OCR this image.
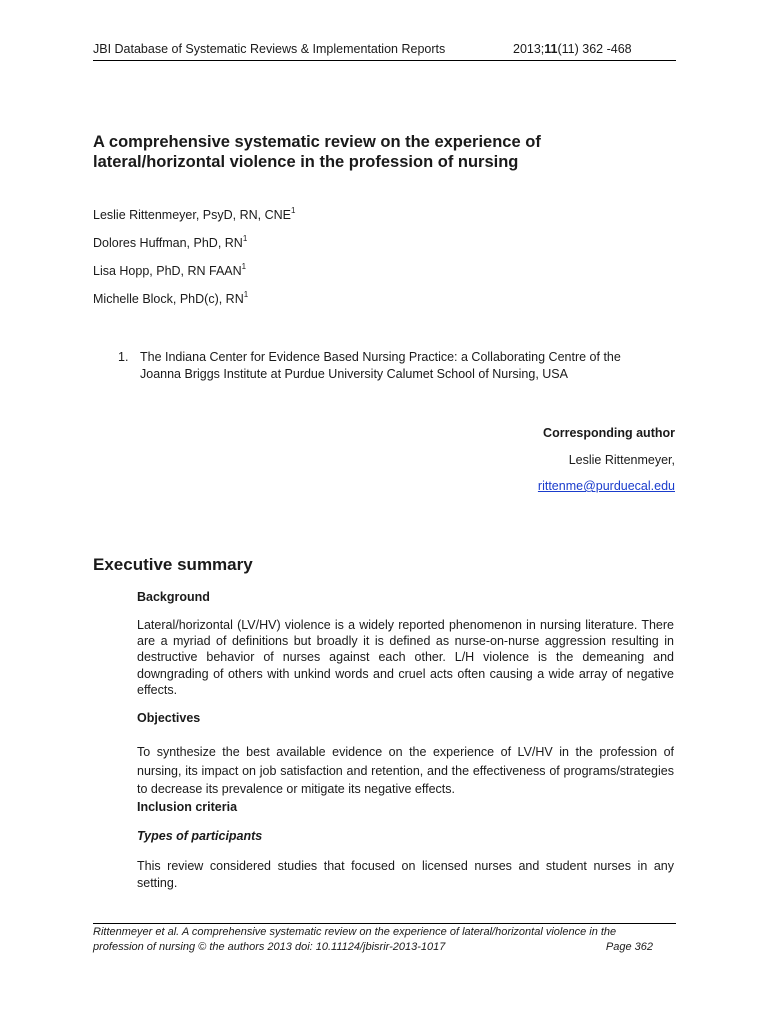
JBI Database of Systematic Reviews & Implementation Reports	2013;11(11) 362 -468
A comprehensive systematic review on the experience of
lateral/horizontal violence in the profession of nursing
Leslie Rittenmeyer, PsyD, RN, CNE$^1$
Dolores Huffman, PhD, $RN^1$
Lisa Hopp, PhD, RN FAAN$^1$
Michelle Block, PhD(c), $RN^1$
1. The Indiana Center for Evidence Based Nursing Practice: a Collaborating Centre of the
Joanna Briggs Institute at Purdue University Calumet School of Nursing, USA
Corresponding author
Leslie Rittenmeyer,
rittenme@purduecal.edu
Executive summary
Background
Lateral/horizontal (LV/HV) violence is a widely reported phenomenon in nursing literature. There are a myriad of definitions but broadly it is defined as nurse-on-nurse aggression resulting in destructive behavior of nurses against each other. L/H violence is the demeaning and downgrading of others with unkind words and cruel acts often causing a wide array of negative effects.
Objectives
To synthesize the best available evidence on the experience of LV/HV in the profession of nursing, its impact on job satisfaction and retention, and the effectiveness of programs/strategies to decrease its prevalence or mitigate its negative effects.
Inclusion criteria
Types of participants
This review considered studies that focused on licensed nurses and student nurses in any setting.
Rittenmeyer et al. A comprehensive systematic review on the experience of lateral/horizontal violence in the
profession of nursing © the authors 2013 doi: 10.11124/jbisrir-2013-1017	Page 362
